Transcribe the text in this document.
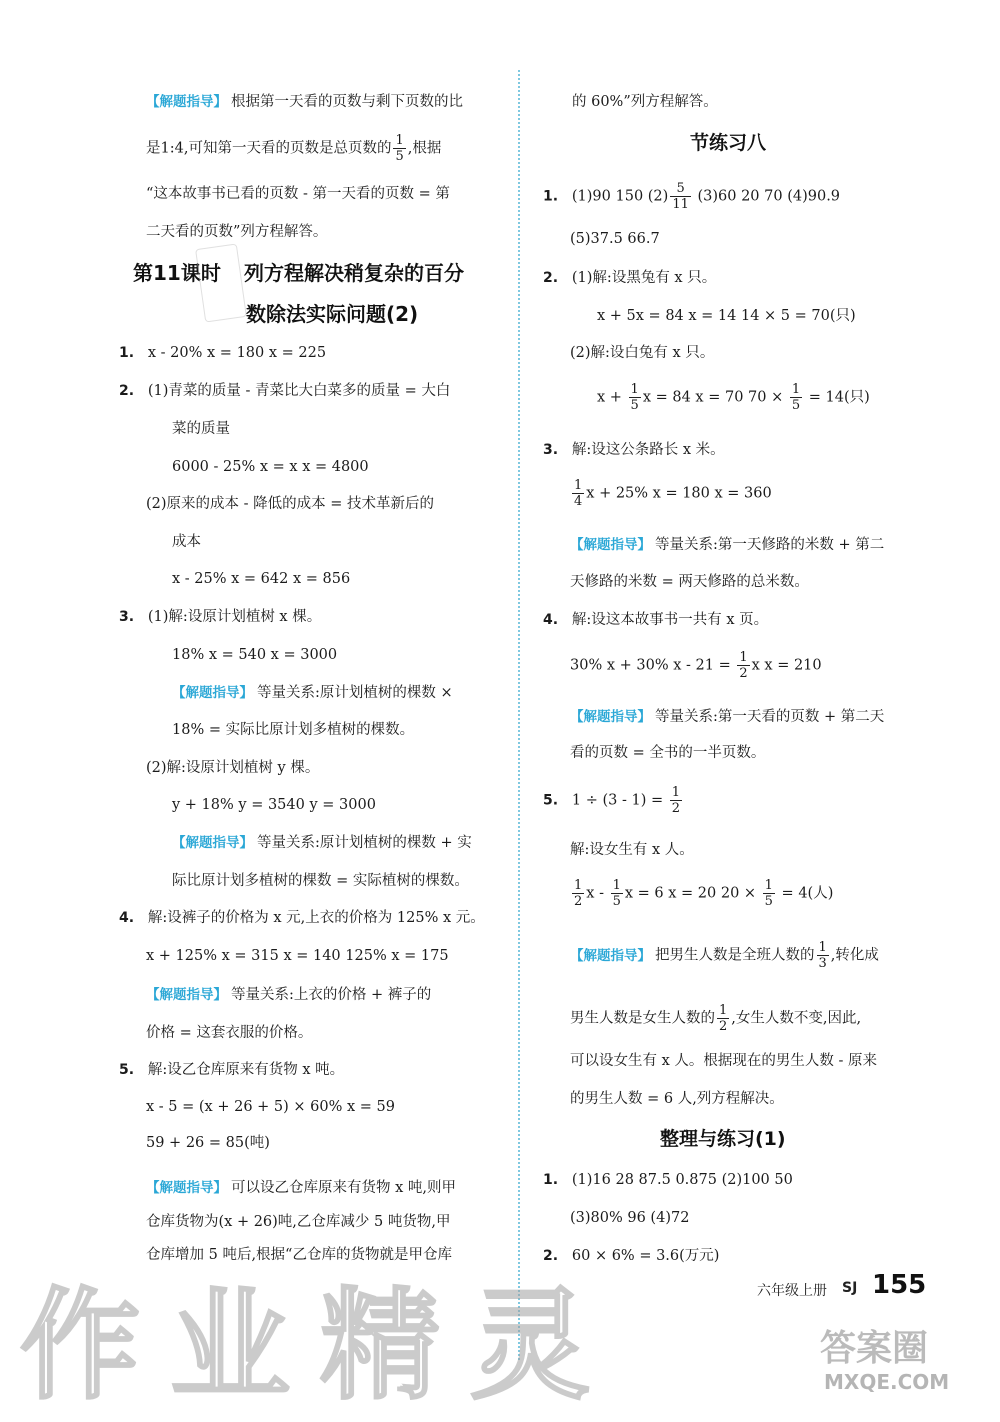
【 解题指导 】 根据第一天看的页数与剩下页数的比
是1:4,可知第一天看的页数是总页数的 $\frac{1}{5}$ ,根据
“这本故事书已看的页数 - 第一天看的页数 = 第
二天看的页数”列方程解答。
第11课时 列方程解决稍复杂的百分
数除法实际问题(2)
1. x - 20% x = 180 x = 225
2. (1)青菜的质量 - 青菜比大白菜多的质量 = 大白
菜的质量
6000 - 25% x = x x = 4800
(2)原来的成本 - 降低的成本 = 技术革新后的
成本
x - 25% x = 642 x = 856
3. (1)解:设原计划植树 x 棵。
18% x = 540 x = 3000
【 解题指导 】 等量关系:原计划植树的棵数 ×
18% = 实际比原计划多植树的棵数。
(2)解:设原计划植树 y 棵。
y + 18% y = 3540 y = 3000
【 解题指导 】 等量关系:原计划植树的棵数 + 实
际比原计划多植树的棵数 = 实际植树的棵数。
4. 解:设裤子的价格为 x 元,上衣的价格为 125% x 元。
x + 125% x = 315 x = 140 125% x = 175
【 解题指导 】 等量关系:上衣的价格 + 裤子的
价格 = 这套衣服的价格。
5. 解:设乙仓库原来有货物 x 吨。
x - 5 = (x + 26 + 5) × 60% x = 59
59 + 26 = 85(吨)
【 解题指导 】 可以设乙仓库原来有货物 x 吨,则甲
仓库货物为(x + 26)吨,乙仓库减少 5 吨货物,甲
仓库增加 5 吨后,根据“乙仓库的货物就是甲仓库
的 60%”列方程解答。
节练习八
1. (1)90 150 $(2) \frac{5}{11} (3)60$ 20 70 (4)90.9
(5)37.5 66.7
2. (1)解:设黑兔有 x 只。
x + 5x = 84 x = 14 14 × 5 = 70(只)
(2)解:设白兔有 x 只。
$x + \frac{1}{5}$ x = 84 x = 70 $70 \times \frac{1}{5} = 14$(只)
3. 解:设这公条路长 x 米。
$\frac{1}{4}$ x + 25% x = 180 x = 360
【 解题指导 】 等量关系:第一天修路的米数 + 第二
天修路的米数 = 两天修路的总米数。
4. 解:设这本故事书一共有 x 页。
30% x + 30% $x - 21 = \frac{1}{2}$ x x = 210
【 解题指导 】 等量关系:第一天看的页数 + 第二天
看的页数 = 全书的一半页数。
5. $1 \div (3 - 1) = \frac{1}{2}$
解:设女生有 x 人。
$\frac{1}{2}$ x - $\frac{1}{5}$ x = 6 x = 20 $20 \times \frac{1}{5} = 4$(人)
【 解题指导 】 把男生人数是全班人数的 $\frac{1}{3}$ ,转化成
男生人数是女生人数的 $\frac{1}{2}$ ,女生人数不变,因此,
可以设女生有 x 人。根据现在的男生人数 - 原来
的男生人数 = 6 人,列方程解决。
整理与练习(1)
1. (1)16 28 87.5 0.875 (2)100 50
(3)80% 96 (4)72
2. 60 × 6% = 3.6(万元)
六年级上册 SJ 155
作业精灵	答案圈
MXQE.COM
